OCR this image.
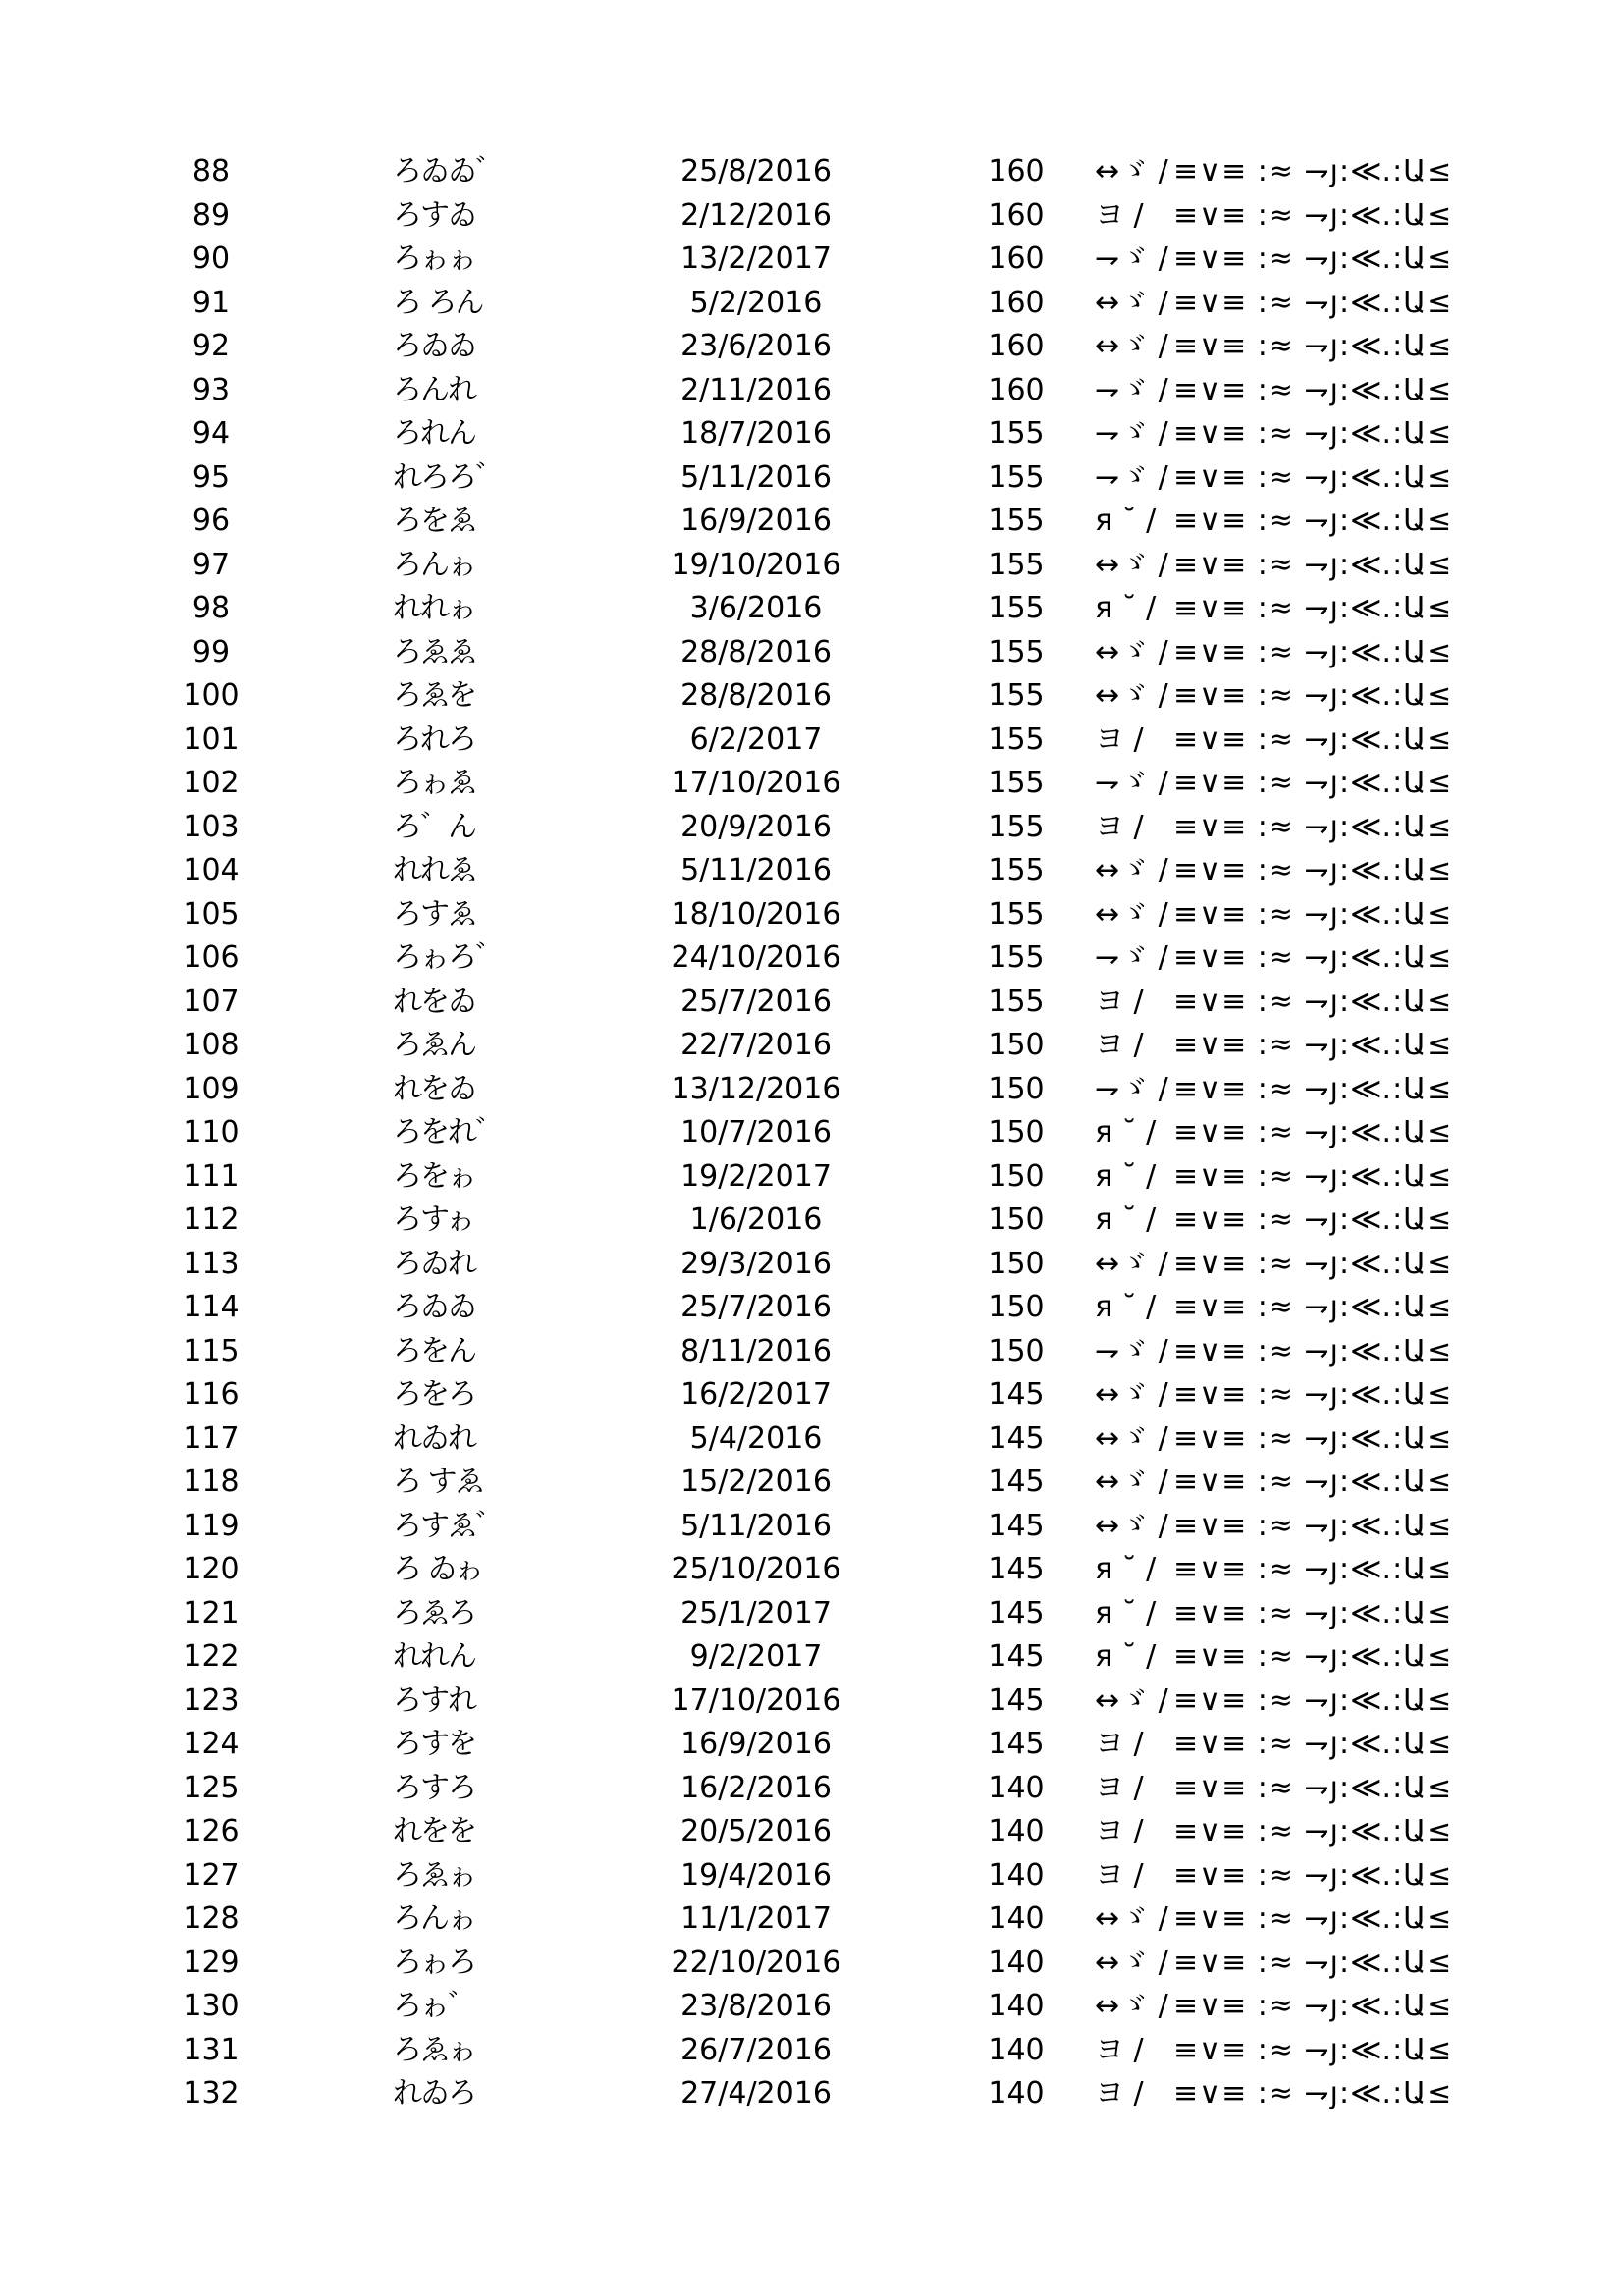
88	ろゐゐ゛	25/8/2016	160	↔ゞ / ≡∨≡ :≈ ⇁ȷ:≪.:Ա≤
89	ろすゐ	2/12/2016	160	ヨ /	≡∨≡ :≈ ⇁ȷ:≪.:Ա≤
90	ろゎゎ	13/2/2017	160	⇁ゞ / ≡∨≡ :≈ ⇁ȷ:≪.:Ա≤
91	ろ ろん	5/2/2016	160	↔ゞ / ≡∨≡ :≈ ⇁ȷ:≪.:Ա≤
92	ろゐゐ	23/6/2016	160	↔ゞ / ≡∨≡ :≈ ⇁ȷ:≪.:Ա≤
93	ろんれ	2/11/2016	160	⇁ゞ / ≡∨≡ :≈ ⇁ȷ:≪.:Ա≤
94	ろれん	18/7/2016	155	⇁ゞ / ≡∨≡ :≈ ⇁ȷ:≪.:Ա≤
95	れろろ゛	5/11/2016	155	⇁ゞ / ≡∨≡ :≈ ⇁ȷ:≪.:Ա≤
96	ろをゑ	16/9/2016	155	я ˘ / ≡∨≡ :≈ ⇁ȷ:≪.:Ա≤
97	ろんゎ	19/10/2016	155	↔ゞ / ≡∨≡ :≈ ⇁ȷ:≪.:Ա≤
98	れれゎ	3/6/2016	155	я ˘ / ≡∨≡ :≈ ⇁ȷ:≪.:Ա≤
99	ろゑゑ	28/8/2016	155	↔ゞ / ≡∨≡ :≈ ⇁ȷ:≪.:Ա≤
100	ろゑを	28/8/2016	155	↔ゞ / ≡∨≡ :≈ ⇁ȷ:≪.:Ա≤
101	ろれろ	6/2/2017	155	ヨ /	≡∨≡ :≈ ⇁ȷ:≪.:Ա≤
102	ろゎゑ	17/10/2016	155	⇁ゞ / ≡∨≡ :≈ ⇁ȷ:≪.:Ա≤
103	ろ゛ん	20/9/2016	155	ヨ /	≡∨≡ :≈ ⇁ȷ:≪.:Ա≤
104	れれゑ	5/11/2016	155	↔ゞ / ≡∨≡ :≈ ⇁ȷ:≪.:Ա≤
105	ろすゑ	18/10/2016	155	↔ゞ / ≡∨≡ :≈ ⇁ȷ:≪.:Ա≤
106	ろゎろ゛	24/10/2016	155	⇁ゞ / ≡∨≡ :≈ ⇁ȷ:≪.:Ա≤
107	れをゐ	25/7/2016	155	ヨ /	≡∨≡ :≈ ⇁ȷ:≪.:Ա≤
108	ろゑん	22/7/2016	150	ヨ /	≡∨≡ :≈ ⇁ȷ:≪.:Ա≤
109	れをゐ	13/12/2016	150	⇁ゞ / ≡∨≡ :≈ ⇁ȷ:≪.:Ա≤
110	ろをれ゛	10/7/2016	150	я ˘ / ≡∨≡ :≈ ⇁ȷ:≪.:Ա≤
111	ろをゎ	19/2/2017	150	я ˘ / ≡∨≡ :≈ ⇁ȷ:≪.:Ա≤
112	ろすゎ	1/6/2016	150	я ˘ / ≡∨≡ :≈ ⇁ȷ:≪.:Ա≤
113	ろゐれ	29/3/2016	150	↔ゞ / ≡∨≡ :≈ ⇁ȷ:≪.:Ա≤
114	ろゐゐ	25/7/2016	150	я ˘ / ≡∨≡ :≈ ⇁ȷ:≪.:Ա≤
115	ろをん	8/11/2016	150	⇁ゞ / ≡∨≡ :≈ ⇁ȷ:≪.:Ա≤
116	ろをろ	16/2/2017	145	↔ゞ / ≡∨≡ :≈ ⇁ȷ:≪.:Ա≤
117	れゐれ	5/4/2016	145	↔ゞ / ≡∨≡ :≈ ⇁ȷ:≪.:Ա≤
118	ろ すゑ	15/2/2016	145	↔ゞ / ≡∨≡ :≈ ⇁ȷ:≪.:Ա≤
119	ろすゑ゛	5/11/2016	145	↔ゞ / ≡∨≡ :≈ ⇁ȷ:≪.:Ա≤
120	ろ ゐゎ	25/10/2016	145	я ˘ / ≡∨≡ :≈ ⇁ȷ:≪.:Ա≤
121	ろゑろ	25/1/2017	145	я ˘ / ≡∨≡ :≈ ⇁ȷ:≪.:Ա≤
122	れれん	9/2/2017	145	я ˘ / ≡∨≡ :≈ ⇁ȷ:≪.:Ա≤
123	ろすれ	17/10/2016	145	↔ゞ / ≡∨≡ :≈ ⇁ȷ:≪.:Ա≤
124	ろすを	16/9/2016	145	ヨ /	≡∨≡ :≈ ⇁ȷ:≪.:Ա≤
125	ろすろ	16/2/2016	140	ヨ /	≡∨≡ :≈ ⇁ȷ:≪.:Ա≤
126	れをを	20/5/2016	140	ヨ /	≡∨≡ :≈ ⇁ȷ:≪.:Ա≤
127	ろゑゎ	19/4/2016	140	ヨ /	≡∨≡ :≈ ⇁ȷ:≪.:Ա≤
128	ろんゎ	11/1/2017	140	↔ゞ / ≡∨≡ :≈ ⇁ȷ:≪.:Ա≤
129	ろゎろ	22/10/2016	140	↔ゞ / ≡∨≡ :≈ ⇁ȷ:≪.:Ա≤
130	ろゎ゛	23/8/2016	140	↔ゞ / ≡∨≡ :≈ ⇁ȷ:≪.:Ա≤
131	ろゑゎ	26/7/2016	140	ヨ /	≡∨≡ :≈ ⇁ȷ:≪.:Ա≤
132	れゐろ	27/4/2016	140	ヨ /	≡∨≡ :≈ ⇁ȷ:≪.:Ա≤
